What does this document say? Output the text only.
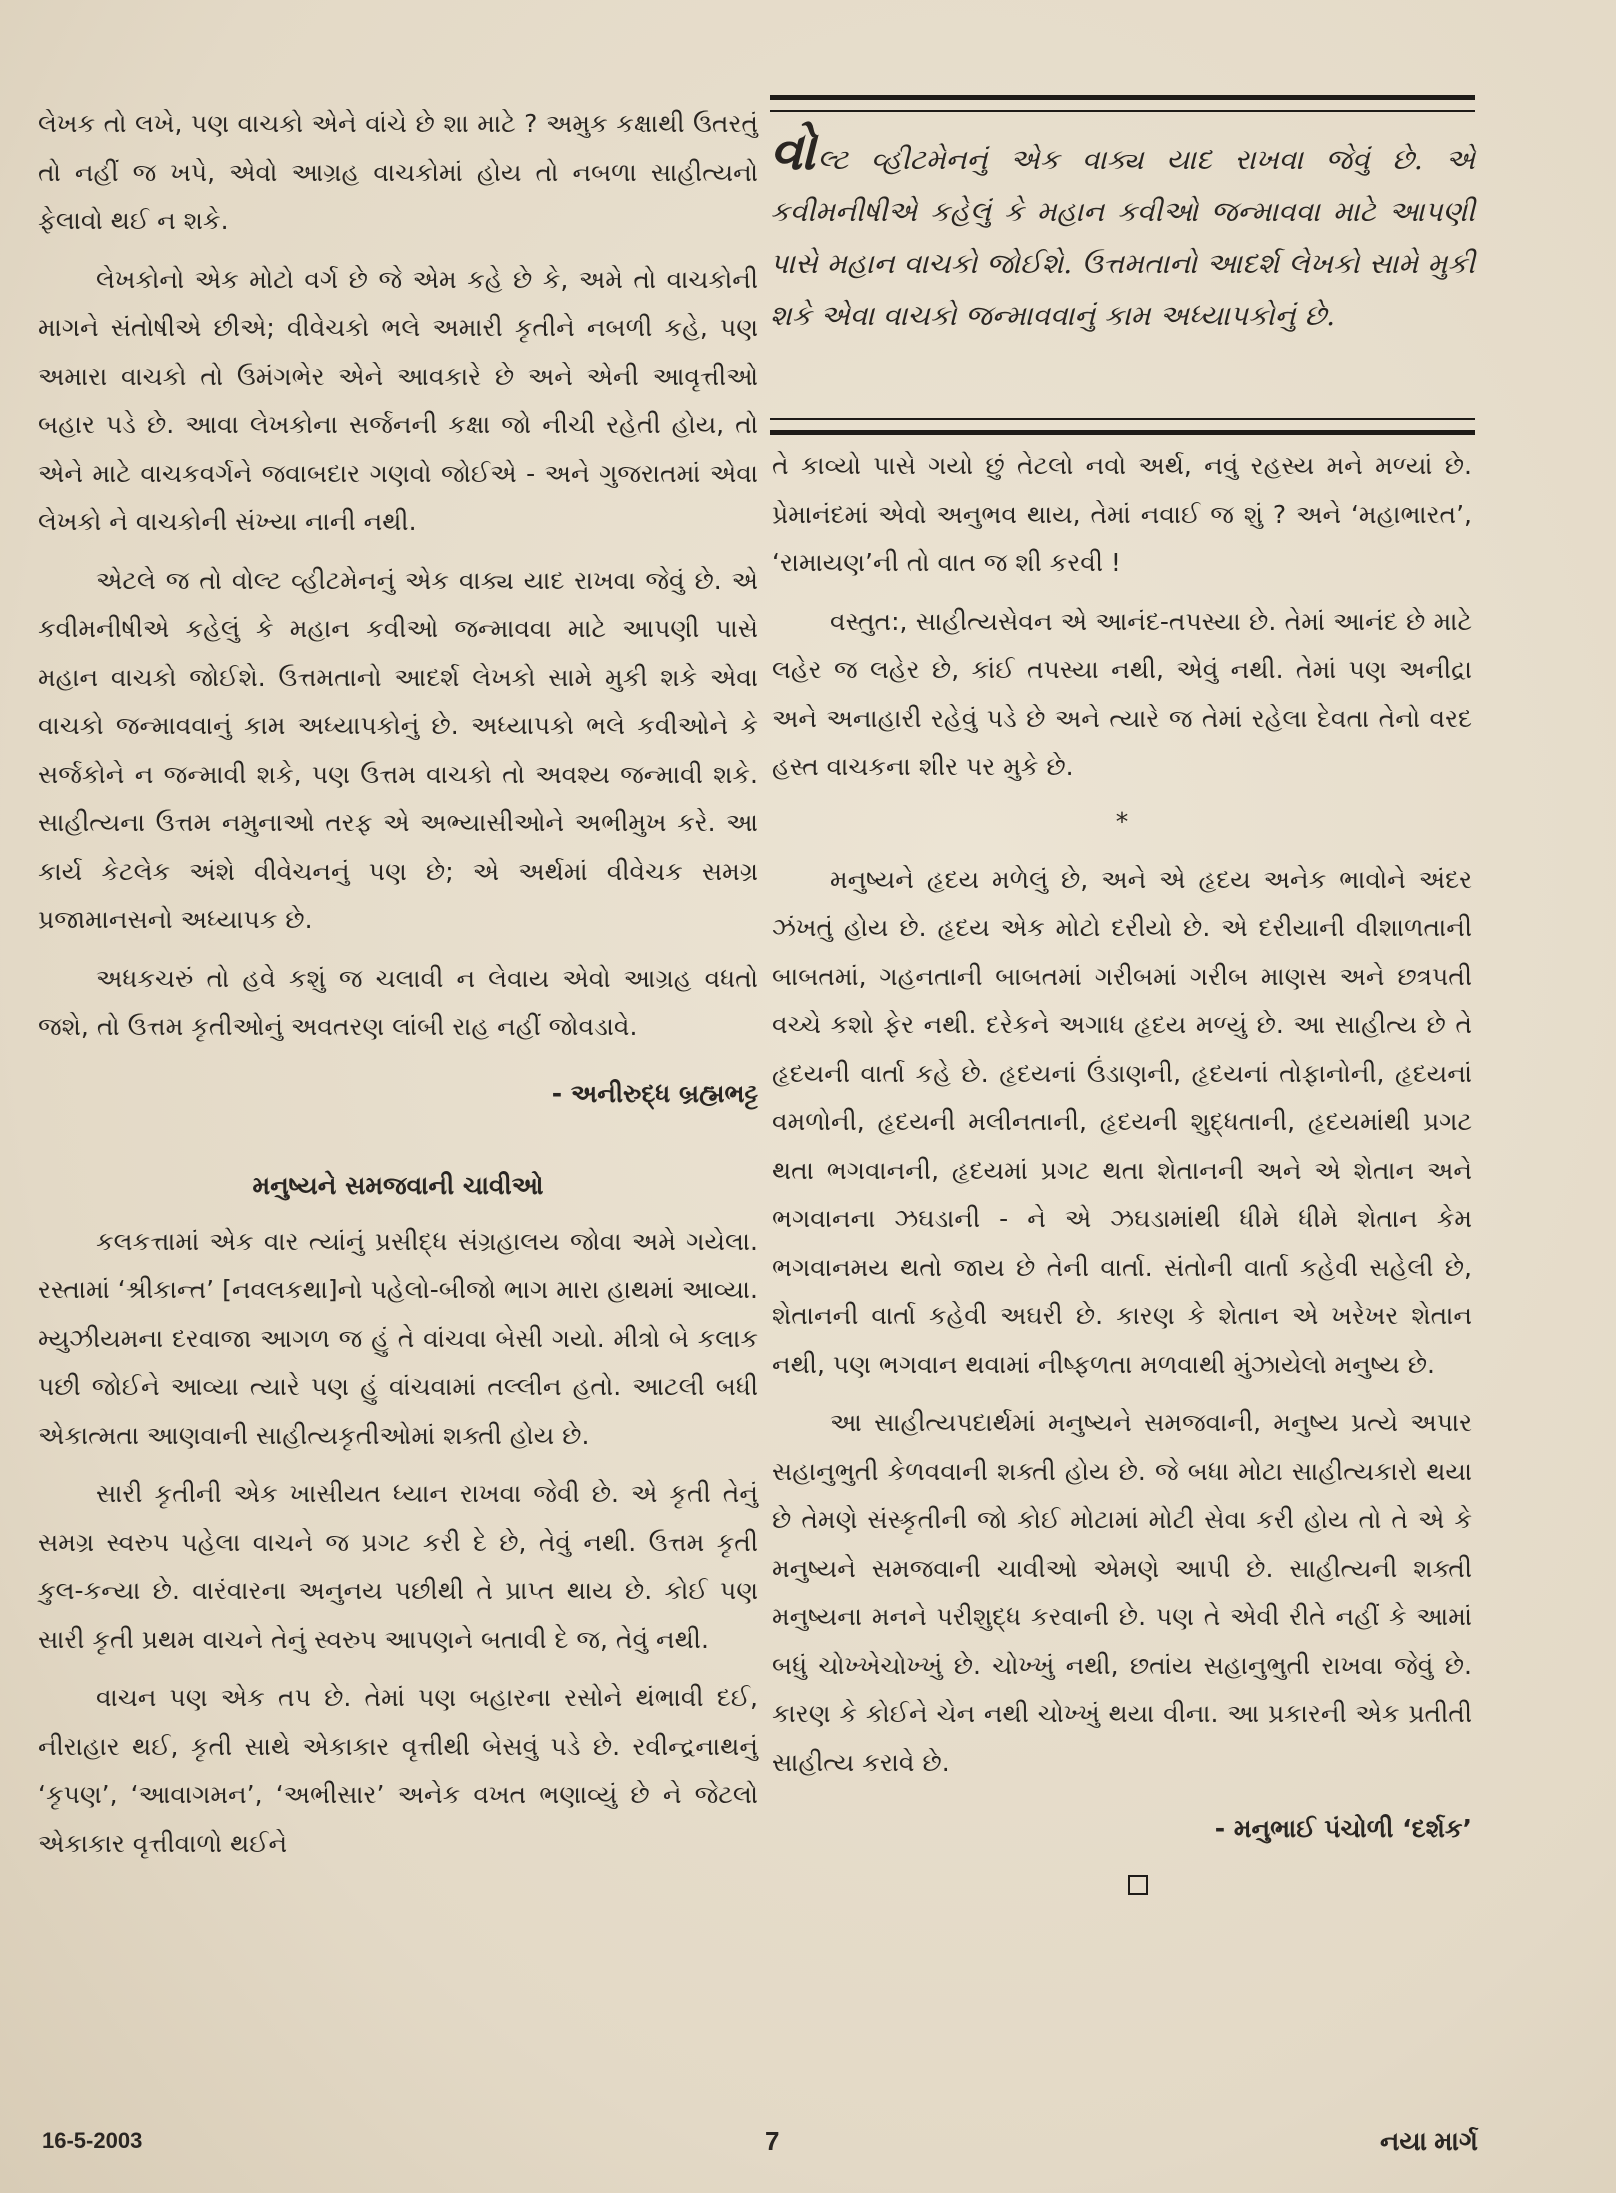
લેખક તો લખે, પણ વાચકો એને વાંચે છે શા માટે ? અમુક કક્ષાથી ઉતરતું તો નહીં જ ખપે, એવો આગ્રહ વાચકોમાં હોય તો નબળા સાહીત્યનો ફેલાવો થઈ ન શકે.

લેખકોનો એક મોટો વર્ગ છે જે એમ કહે છે કે, અમે તો વાચકોની માગને સંતોષીએ છીએ; વીવેચકો ભલે અમારી કૃતીને નબળી કહે, પણ અમારા વાચકો તો ઉમંગભેર એને આવકારે છે અને એની આવૃત્તીઓ બહાર પડે છે. આવા લેખકોના સર્જનની કક્ષા જો નીચી રહેતી હોય, તો એને માટે વાચકવર્ગને જવાબદાર ગણવો જોઈએ - અને ગુજરાતમાં એવા લેખકો ને વાચકોની સંખ્યા નાની નથી.

એટલે જ તો વોલ્ટ વ્હીટમેનનું એક વાક્ય યાદ રાખવા જેવું છે. એ કવીમનીષીએ કહેલું કે મહાન કવીઓ જન્માવવા માટે આપણી પાસે મહાન વાચકો જોઈશે. ઉત્તમતાનો આદર્શ લેખકો સામે મુકી શકે એવા વાચકો જન્માવવાનું કામ અધ્યાપકોનું છે. અધ્યાપકો ભલે કવીઓને કે સર્જકોને ન જન્માવી શકે, પણ ઉત્તમ વાચકો તો અવશ્ય જન્માવી શકે. સાહીત્યના ઉત્તમ નમુનાઓ તરફ એ અભ્યાસીઓને અભીમુખ કરે. આ કાર્ય કેટલેક અંશે વીવેચનનું પણ છે; એ અર્થમાં વીવેચક સમગ્ર પ્રજામાનસનો અધ્યાપક છે.

અધકચરું તો હવે કશું જ ચલાવી ન લેવાય એવો આગ્રહ વધતો જશે, તો ઉત્તમ કૃતીઓનું અવતરણ લાંબી રાહ નહીં જોવડાવે.

- અનીરુદ્ધ બ્રહ્મભટ્ટ
મનુષ્યને સમજવાની ચાવીઓ

કલકત્તામાં એક વાર ત્યાંનું પ્રસીદ્ધ સંગ્રહાલય જોવા અમે ગયેલા. રસ્તામાં ‘શ્રીકાન્ત’ [નવલકથા]નો પહેલો-બીજો ભાગ મારા હાથમાં આવ્યા. મ્યુઝીયમના દરવાજા આગળ જ હું તે વાંચવા બેસી ગયો. મીત્રો બે કલાક પછી જોઈને આવ્યા ત્યારે પણ હું વાંચવામાં તલ્લીન હતો. આટલી બધી એકાત્મતા આણવાની સાહીત્યકૃતીઓમાં શક્તી હોય છે.

સારી કૃતીની એક ખાસીયત ધ્યાન રાખવા જેવી છે. એ કૃતી તેનું સમગ્ર સ્વરુપ પહેલા વાચને જ પ્રગટ કરી દે છે, તેવું નથી. ઉત્તમ કૃતી કુલ-કન્યા છે. વારંવારના અનુનય પછીથી તે પ્રાપ્ત થાય છે. કોઈ પણ સારી કૃતી પ્રથમ વાચને તેનું સ્વરુપ આપણને બતાવી દે જ, તેવું નથી.

વાચન પણ એક તપ છે. તેમાં પણ બહારના રસોને થંભાવી દઈ, નીરાહાર થઈ, કૃતી સાથે એકાકાર વૃત્તીથી બેસવું પડે છે. રવીન્દ્રનાથનું ‘કૃપણ’, ‘આવાગમન’, ‘અભીસાર’ અનેક વખત ભણાવ્યું છે ને જેટલો એકાકાર વૃત્તીવાળો થઈને

વોલ્ટ વ્હીટમેનનું એક વાક્ય યાદ રાખવા જેવું છે. એ કવીમનીષીએ કહેલું કે મહાન કવીઓ જન્માવવા માટે આપણી પાસે મહાન વાચકો જોઈશે. ઉત્તમતાનો આદર્શ લેખકો સામે મુકી શકે એવા વાચકો જન્માવવાનું કામ અધ્યાપકોનું છે.

તે કાવ્યો પાસે ગયો છું તેટલો નવો અર્થ, નવું રહસ્ય મને મળ્યાં છે. પ્રેમાનંદમાં એવો અનુભવ થાય, તેમાં નવાઈ જ શું ? અને ‘મહાભારત’, ‘રામાયણ’ની તો વાત જ શી કરવી !

વસ્તુત:, સાહીત્યસેવન એ આનંદ-તપસ્યા છે. તેમાં આનંદ છે માટે લહેર જ લહેર છે, કાંઈ તપસ્યા નથી, એવું નથી. તેમાં પણ અનીદ્રા અને અનાહારી રહેવું પડે છે અને ત્યારે જ તેમાં રહેલા દેવતા તેનો વરદ હસ્ત વાચકના શીર પર મુકે છે.

*

મનુષ્યને હૃદય મળેલું છે, અને એ હૃદય અનેક ભાવોને અંદર ઝંખતું હોય છે. હૃદય એક મોટો દરીયો છે. એ દરીયાની વીશાળતાની બાબતમાં, ગહનતાની બાબતમાં ગરીબમાં ગરીબ માણસ અને છત્રપતી વચ્ચે કશો ફેર નથી. દરેકને અગાધ હૃદય મળ્યું છે. આ સાહીત્ય છે તે હૃદયની વાર્તા કહે છે. હૃદયનાં ઉંડાણની, હૃદયનાં તોફાનોની, હૃદયનાં વમળોની, હૃદયની મલીનતાની, હૃદયની શુદ્ધતાની, હૃદયમાંથી પ્રગટ થતા ભગવાનની, હૃદયમાં પ્રગટ થતા શેતાનની અને એ શેતાન અને ભગવાનના ઝઘડાની - ને એ ઝઘડામાંથી ધીમે ધીમે શેતાન કેમ ભગવાનમય થતો જાય છે તેની વાર્તા. સંતોની વાર્તા કહેવી સહેલી છે, શેતાનની વાર્તા કહેવી અઘરી છે. કારણ કે શેતાન એ ખરેખર શેતાન નથી, પણ ભગવાન થવામાં નીષ્ફળતા મળવાથી મુંઝાયેલો મનુષ્ય છે.

આ સાહીત્યપદાર્થમાં મનુષ્યને સમજવાની, મનુષ્ય પ્રત્યે અપાર સહાનુભુતી કેળવવાની શક્તી હોય છે. જે બધા મોટા સાહીત્યકારો થયા છે તેમણે સંસ્કૃતીની જો કોઈ મોટામાં મોટી સેવા કરી હોય તો તે એ કે મનુષ્યને સમજવાની ચાવીઓ એમણે આપી છે. સાહીત્યની શક્તી મનુષ્યના મનને પરીશુદ્ધ કરવાની છે. પણ તે એવી રીતે નહીં કે આમાં બધું ચોખ્ખેચોખ્ખું છે. ચોખ્ખું નથી, છતાંય સહાનુભુતી રાખવા જેવું છે. કારણ કે કોઈને ચેન નથી ચોખ્ખું થયા વીના. આ પ્રકારની એક પ્રતીતી સાહીત્ય કરાવે છે.

- મનુભાઈ પંચોળી ‘દર્શક’
16-5-2003	7	નયા માર્ગ
